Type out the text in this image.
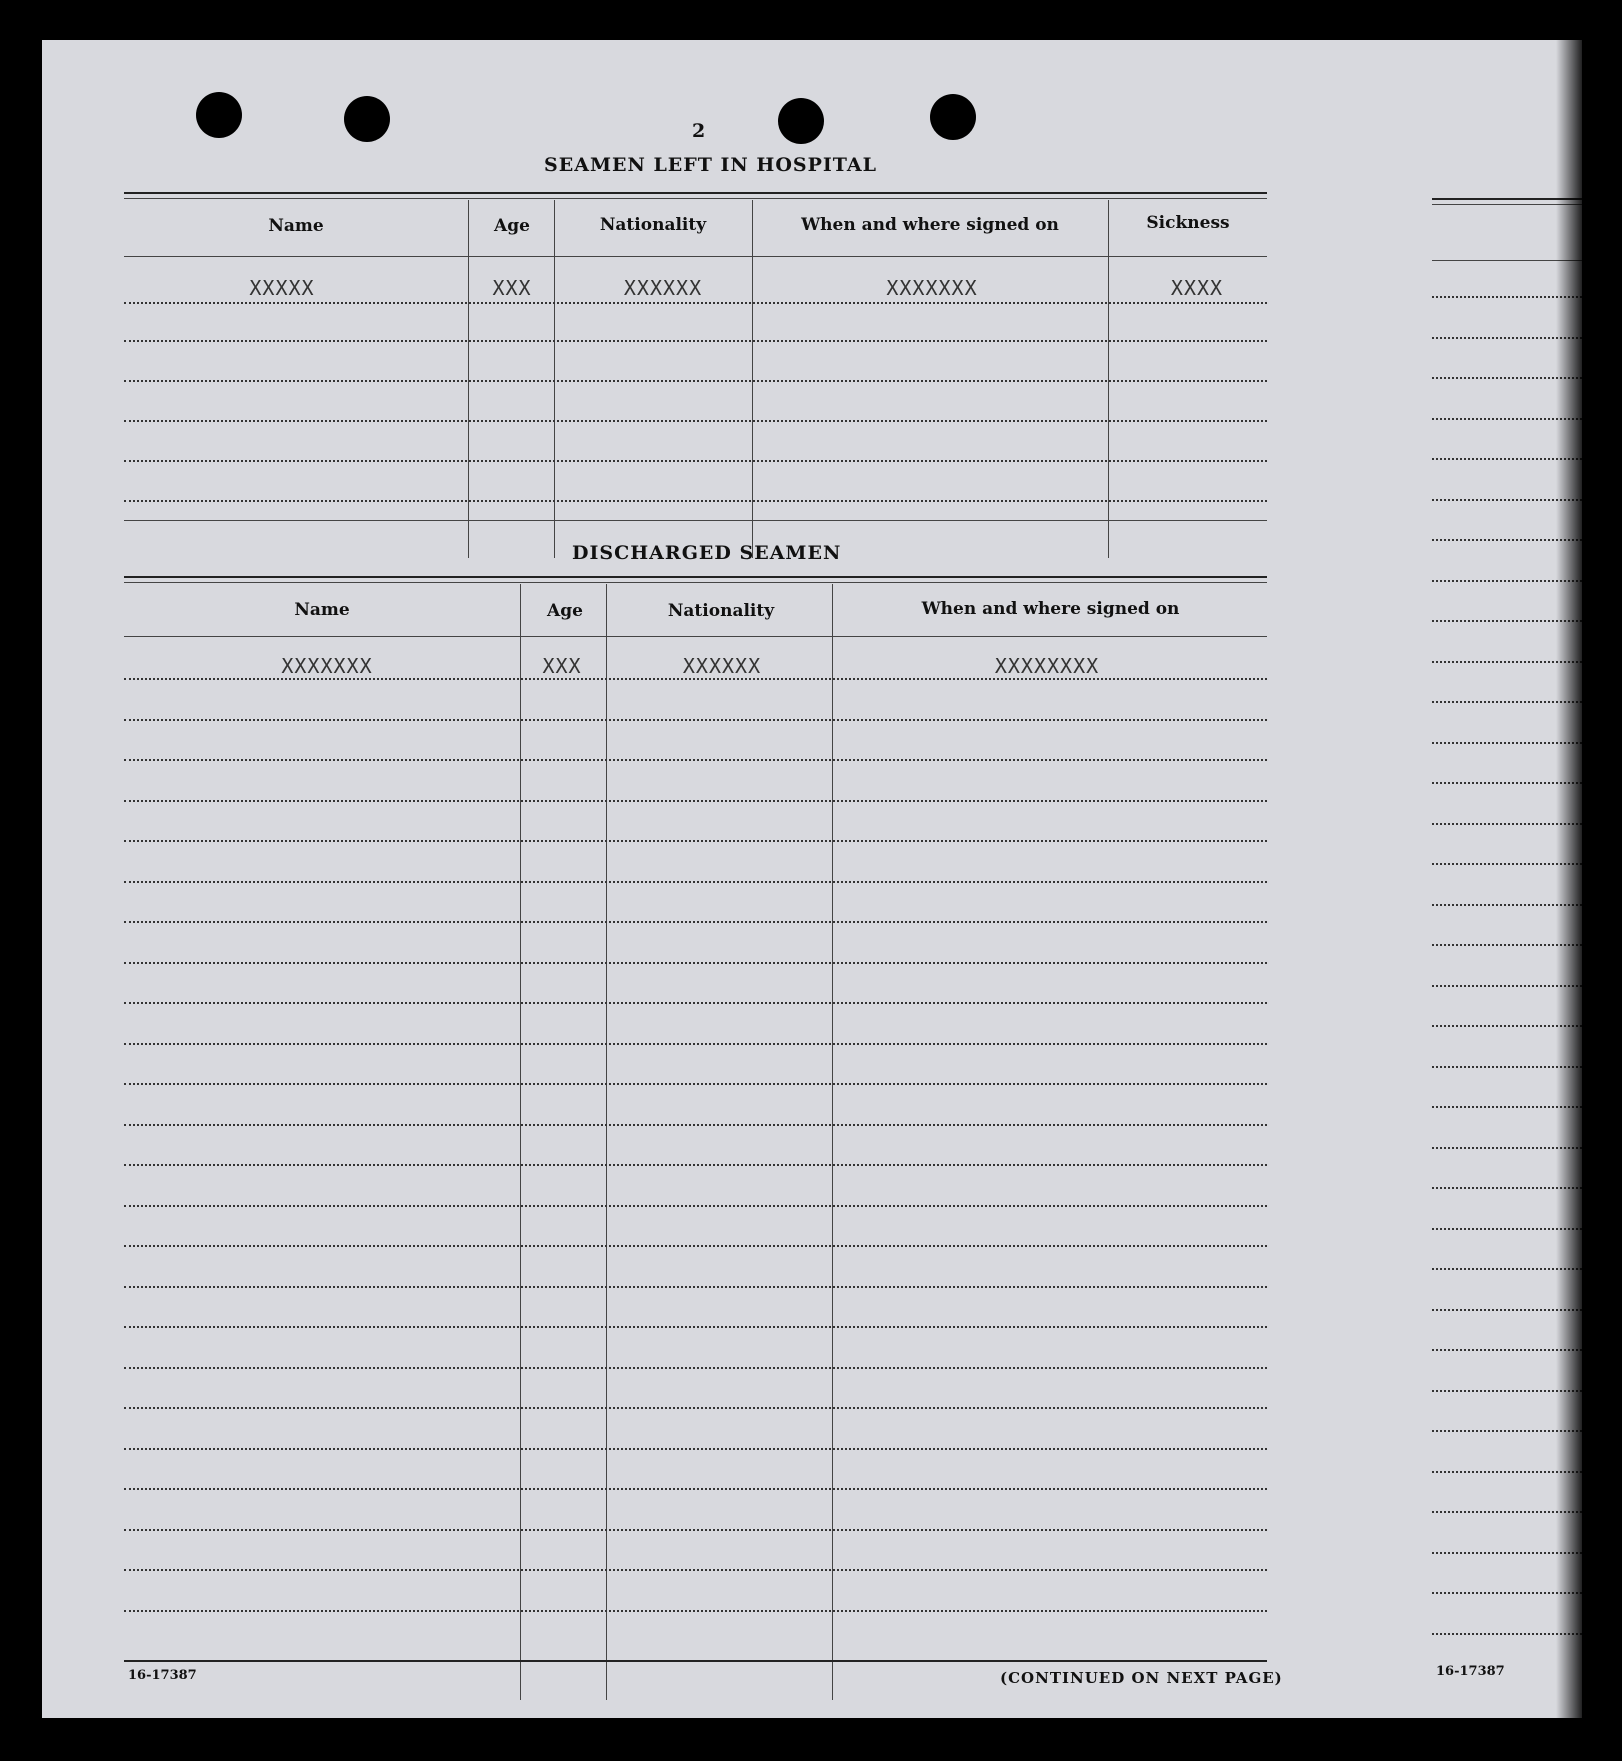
2
SEAMEN LEFT IN HOSPITAL
Name	Age	Nationality	When and where signed on	Sickness
XXXXX	XXX	XXXXXX	XXXXXXX	XXXX
DISCHARGED SEAMEN
Name	Age	Nationality	When and where signed on
XXXXXXX	XXX	XXXXXX	XXXXXXXX
16-17387	(CONTINUED ON NEXT PAGE)	16-17387
